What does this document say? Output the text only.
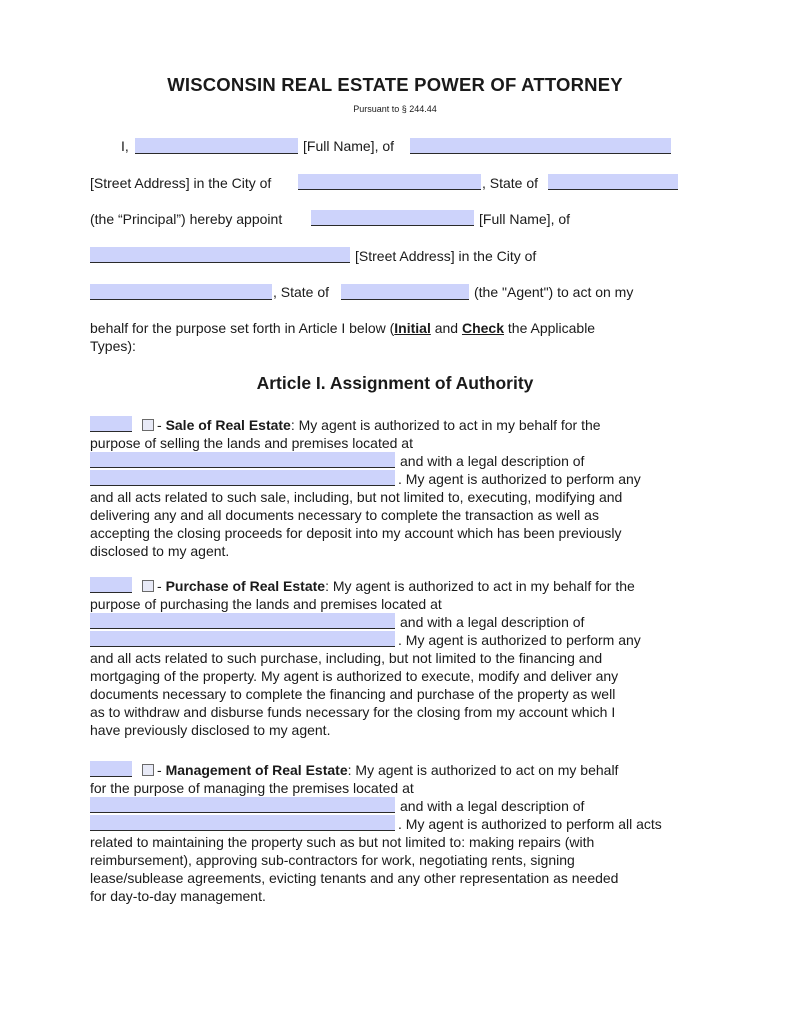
WISCONSIN REAL ESTATE POWER OF ATTORNEY
Pursuant to § 244.44
I,	[Full Name], of
[Street Address] in the City of	, State of
(the “Principal”) hereby appoint	[Full Name], of
[Street Address] in the City of
, State of	(the "Agent") to act on my
behalf for the purpose set forth in Article I below (Initial and Check the Applicable
Types):
Article I. Assignment of Authority
- Sale of Real Estate: My agent is authorized to act in my behalf for the
purpose of selling the lands and premises located at
and with a legal description of
. My agent is authorized to perform any
and all acts related to such sale, including, but not limited to, executing, modifying and
delivering any and all documents necessary to complete the transaction as well as
accepting the closing proceeds for deposit into my account which has been previously
disclosed to my agent.
- Purchase of Real Estate: My agent is authorized to act in my behalf for the
purpose of purchasing the lands and premises located at
and with a legal description of
. My agent is authorized to perform any
and all acts related to such purchase, including, but not limited to the financing and
mortgaging of the property. My agent is authorized to execute, modify and deliver any
documents necessary to complete the financing and purchase of the property as well
as to withdraw and disburse funds necessary for the closing from my account which I
have previously disclosed to my agent.
- Management of Real Estate: My agent is authorized to act on my behalf
for the purpose of managing the premises located at
and with a legal description of
. My agent is authorized to perform all acts
related to maintaining the property such as but not limited to: making repairs (with
reimbursement), approving sub-contractors for work, negotiating rents, signing
lease/sublease agreements, evicting tenants and any other representation as needed
for day-to-day management.
